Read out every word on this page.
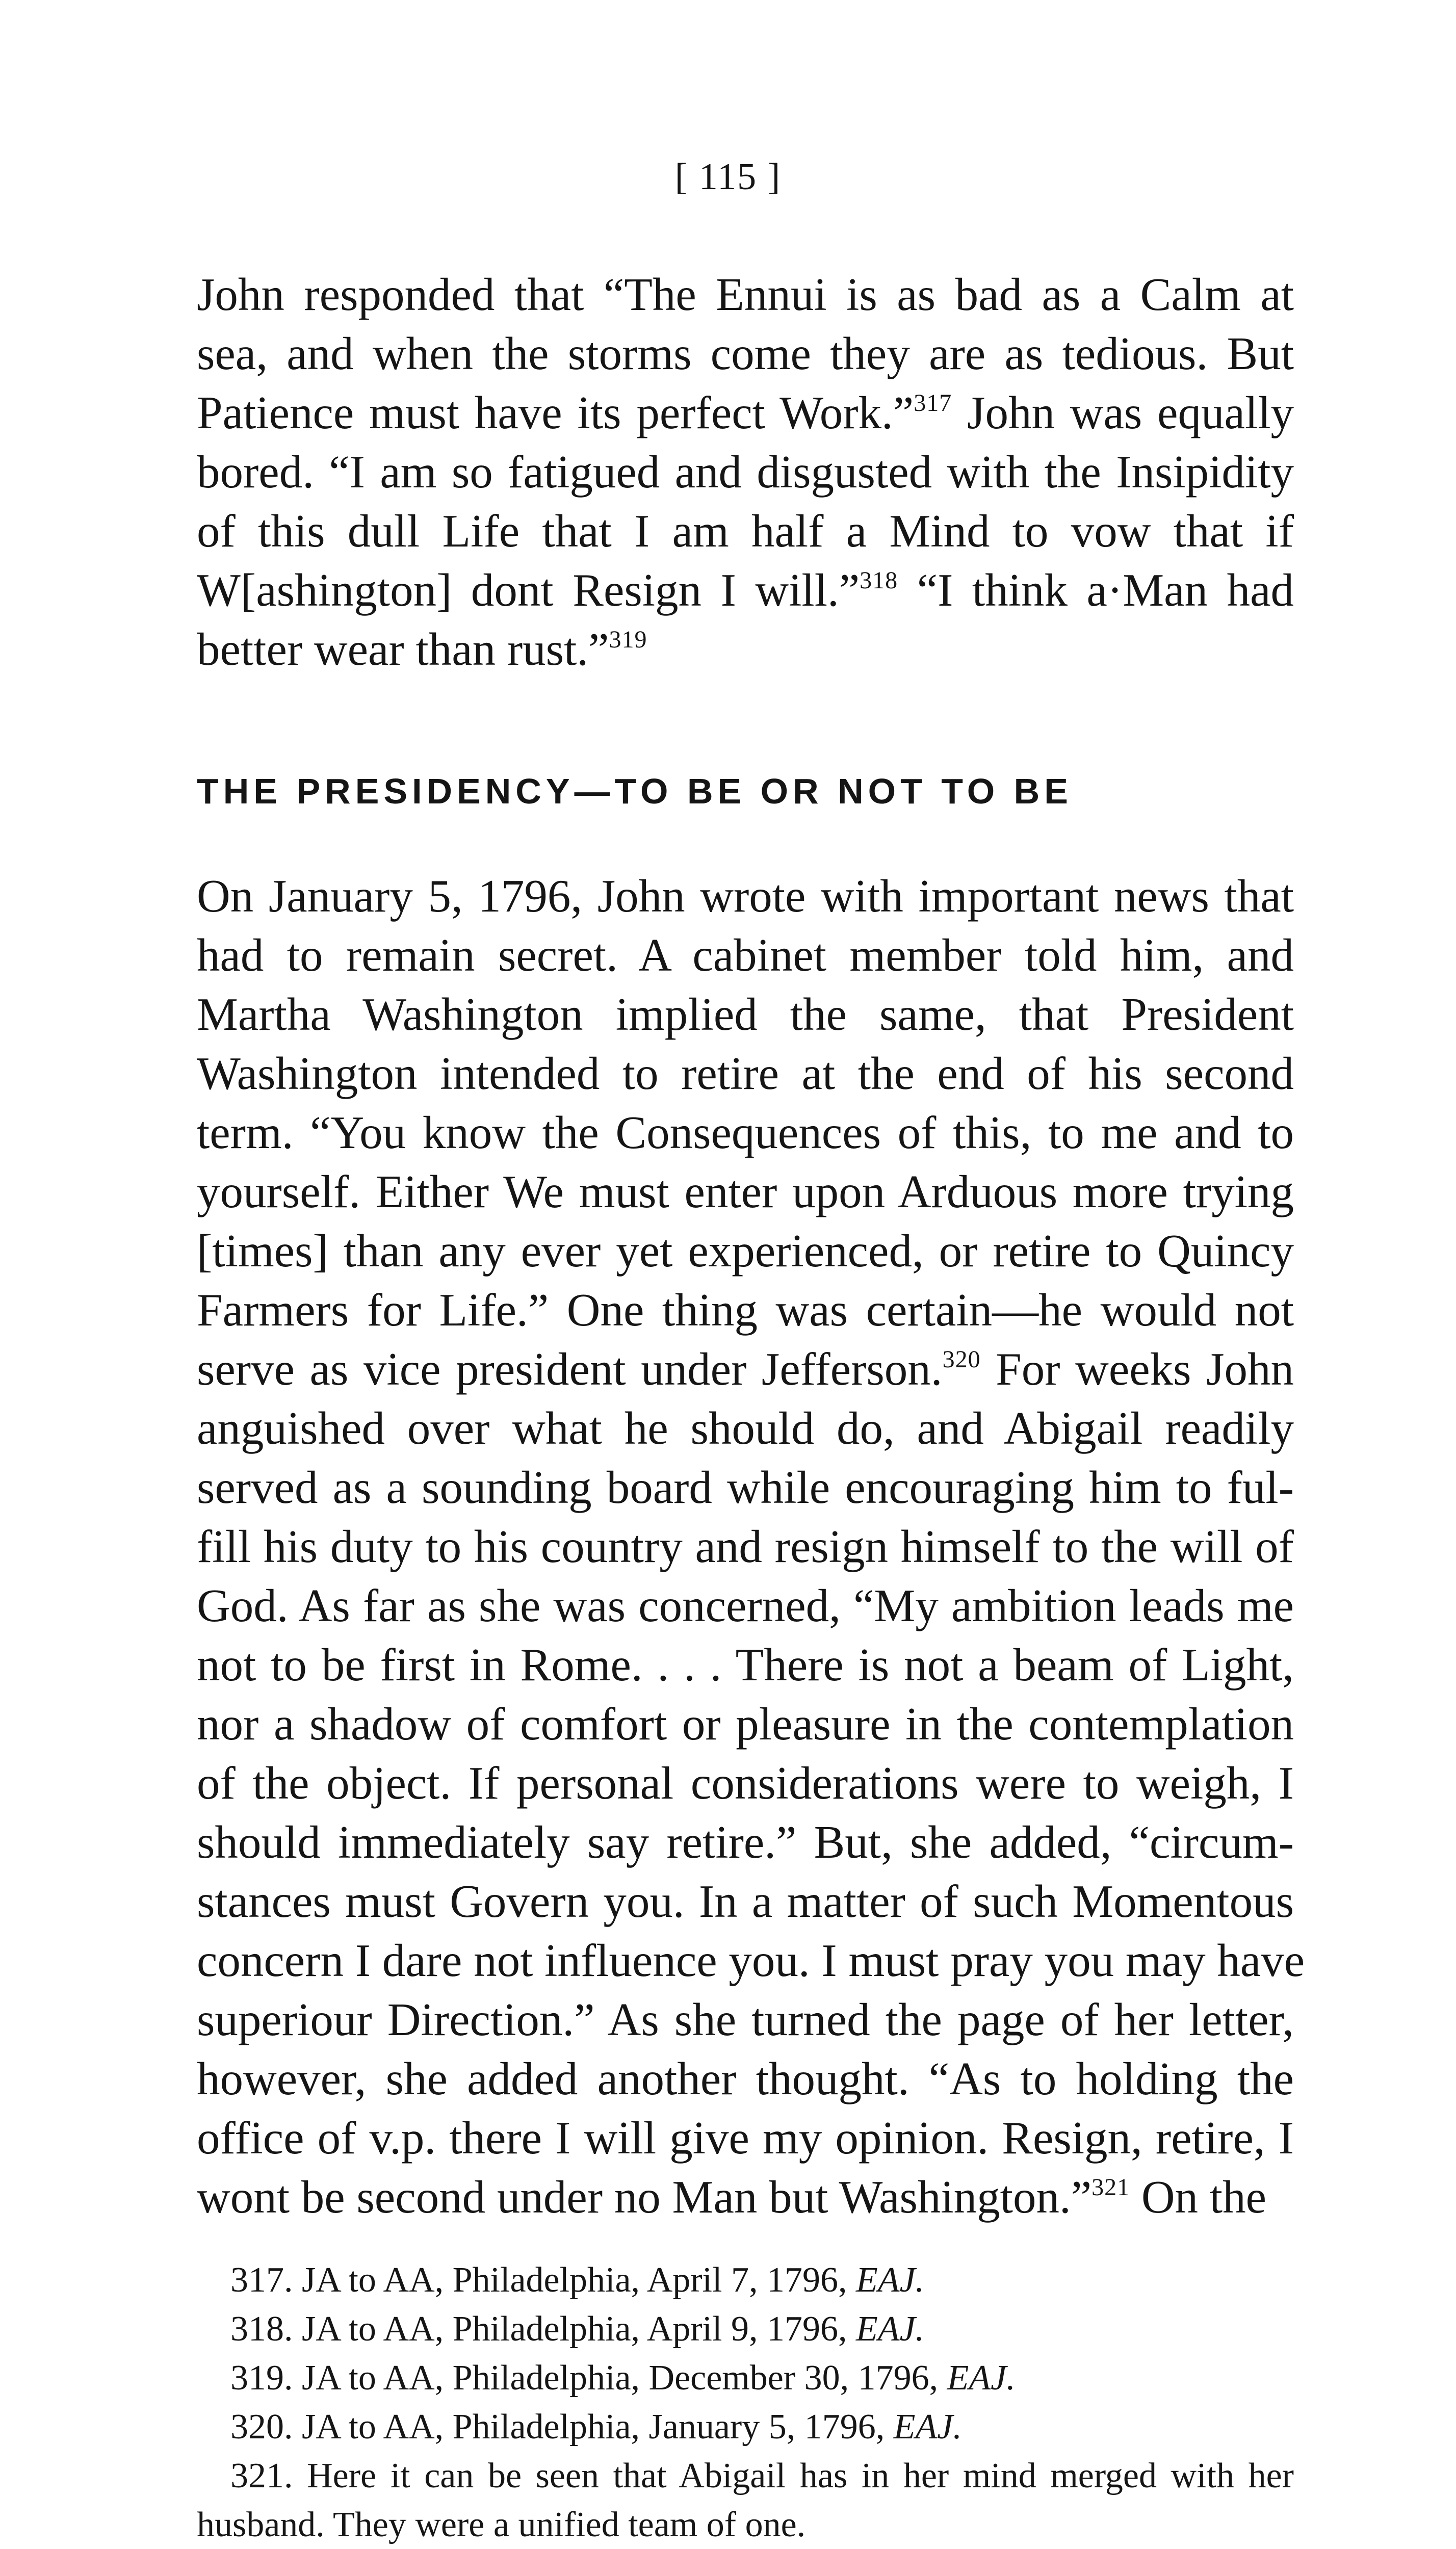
[ 115 ]
John responded that “The Ennui is as bad as a Calm at
sea, and when the storms come they are as tedious. But
Patience must have its perfect Work.”$^{317}$ John was equally
bored. “I am so fatigued and disgusted with the Insipidity
of this dull Life that I am half a Mind to vow that if
W[ashington] dont Resign I will.”$^{318}$ “I think a·Man had
better wear than rust.”$^{319}$
THE PRESIDENCY—TO BE OR NOT TO BE
On January 5, 1796, John wrote with important news that
had to remain secret. A cabinet member told him, and
Martha Washington implied the same, that President
Washington intended to retire at the end of his second
term. “You know the Consequences of this, to me and to
yourself. Either We must enter upon Arduous more trying
[times] than any ever yet experienced, or retire to Quincy
Farmers for Life.” One thing was certain—he would not
serve as vice president under Jefferson.$^{320}$ For weeks John
anguished over what he should do, and Abigail readily
served as a sounding board while encouraging him to ful-
fill his duty to his country and resign himself to the will of
God. As far as she was concerned, “My ambition leads me
not to be first in Rome. . . . There is not a beam of Light,
nor a shadow of comfort or pleasure in the contemplation
of the object. If personal considerations were to weigh, I
should immediately say retire.” But, she added, “circum-
stances must Govern you. In a matter of such Momentous
concern I dare not influence you. I must pray you may have
superiour Direction.” As she turned the page of her letter,
however, she added another thought. “As to holding the
office of v.p. there I will give my opinion. Resign, retire, I
wont be second under no Man but Washington.”$^{321}$ On the
317. JA to AA, Philadelphia, April 7, 1796, EAJ.
318. JA to AA, Philadelphia, April 9, 1796, EAJ.
319. JA to AA, Philadelphia, December 30, 1796, EAJ.
320. JA to AA, Philadelphia, January 5, 1796, EAJ.
321. Here it can be seen that Abigail has in her mind merged with her
husband. They were a unified team of one.
